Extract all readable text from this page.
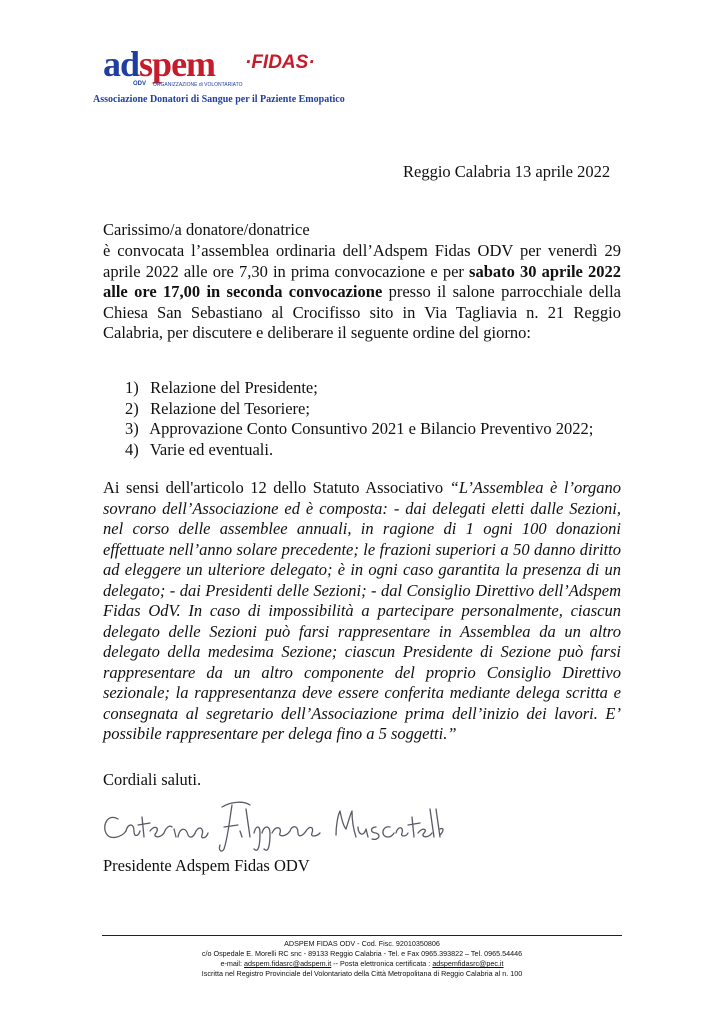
adspem ·FIDAS·
ODV ORGANIZZAZIONE di VOLONTARIATO
Associazione Donatori di Sangue per il Paziente Emopatico
Reggio Calabria 13 aprile 2022
Carissimo/a donatore/donatrice
è convocata l’assemblea ordinaria dell’Adspem Fidas ODV per venerdì 29 aprile 2022 alle ore 7,30 in prima convocazione e per sabato 30 aprile 2022 alle ore 17,00 in seconda convocazione presso il salone parrocchiale della Chiesa San Sebastiano al Crocifisso sito in Via Tagliavia n. 21 Reggio Calabria, per discutere e deliberare il seguente ordine del giorno:
1) Relazione del Presidente;
2) Relazione del Tesoriere;
3) Approvazione Conto Consuntivo 2021 e Bilancio Preventivo 2022;
4) Varie ed eventuali.
Ai sensi dell'articolo 12 dello Statuto Associativo “L’Assemblea è l’organo sovrano dell’Associazione ed è composta: - dai delegati eletti dalle Sezioni, nel corso delle assemblee annuali, in ragione di 1 ogni 100 donazioni effettuate nell’anno solare precedente; le frazioni superiori a 50 danno diritto ad eleggere un ulteriore delegato; è in ogni caso garantita la presenza di un delegato; - dai Presidenti delle Sezioni; - dal Consiglio Direttivo dell’Adspem Fidas OdV. In caso di impossibilità a partecipare personalmente, ciascun delegato delle Sezioni può farsi rappresentare in Assemblea da un altro delegato della medesima Sezione; ciascun Presidente di Sezione può farsi rappresentare da un altro componente del proprio Consiglio Direttivo sezionale; la rappresentanza deve essere conferita mediante delega scritta e consegnata al segretario dell’Associazione prima dell’inizio dei lavori. E’ possibile rappresentare per delega fino a 5 soggetti.”
Cordiali saluti.
Presidente Adspem Fidas ODV
ADSPEM FIDAS ODV - Cod. Fisc. 92010350806
c/o Ospedale E. Morelli RC snc - 89133 Reggio Calabria - Tel. e Fax 0965.393822 – Tel. 0965.54446
e-mail: adspem.fidasrc@adspem.it -- Posta elettronica certificata : adspemfidasrc@pec.it
Iscritta nel Registro Provinciale del Volontariato della Città Metropolitana di Reggio Calabria al n. 100
